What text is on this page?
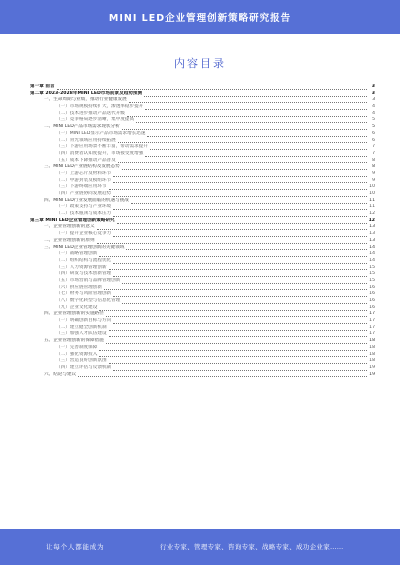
MINI LED企业管理创新策略研究报告
内容目录
第一章 前言	3
第二章 2023-2028年MINI LED市场前景及趋势预测	3
一、生命周期与业绩，推动行业健康发展	3
（一）市场规模持续扩大，渗透率稳步提升	4
（二）技术进步推动产品迭代升级	4
（三）竞争格局逐步清晰，集中度提高	5
二、MINI LED产品市场需求现状分析	5
（一）MINI LED显示产品市场需求增长迅速	6
（二）背光领域应用持续拓展	6
（三）下游应用场景不断丰富，带动需求提升	7
（四）消费者认知度提升，市场接受度增强	7
（五）成本下降推动产品普及	8
三、MINI LED产业链结构及发展态势	8
（一）上游芯片及材料环节	9
（二）中游封装及模组环节	9
（三）下游终端应用环节	10
（四）产业链协同发展趋势	10
四、MINI LED行业发展面临的机遇与挑战	11
（一）政策支持与产业环境	11
（二）技术瓶颈与成本压力	12
第三章 MINI LED企业管理创新策略研究	12
一、企业管理创新的意义	13
（一）提升企业核心竞争力	13
二、企业管理创新的原则	13
三、MINI LED企业管理创新的关键领域	14
（一）战略管理创新	14
（二）组织结构与流程优化	14
（三）人力资源管理创新	15
（四）研发与技术创新管理	15
（五）市场营销与品牌管理创新	15
（六）供应链管理创新	16
（七）财务与风险管理创新	16
（八）数字化转型与信息化管理	16
（九）企业文化建设	16
四、企业管理创新的实施路径	17
（一）明确创新目标与方向	17
（二）建立健全创新机制	17
（三）加强人才队伍建设	17
五、企业管理创新的保障措施	18
（一）完善制度保障	18
（二）强化资源投入	18
（三）营造良好创新氛围	18
（四）建立评估与反馈机制	19
六、结论与建议	19
让每个人都能成为	行业专家、管理专家、咨询专家、战略专家、成功企业家……
